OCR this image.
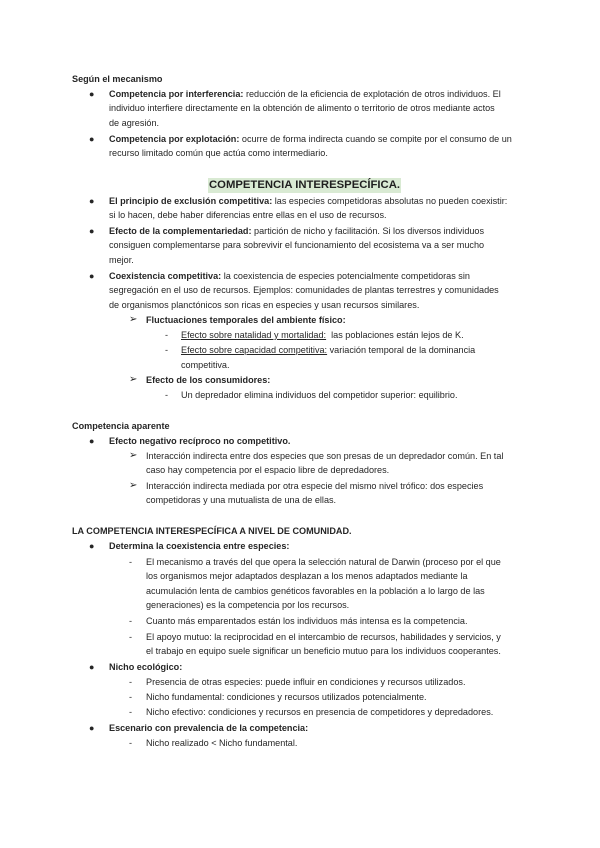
Según el mecanismo
● Competencia por interferencia: reducción de la eficiencia de explotación de otros individuos. El
individuo interfiere directamente en la obtención de alimento o territorio de otros mediante actos
de agresión.
● Competencia por explotación: ocurre de forma indirecta cuando se compite por el consumo de un
recurso limitado común que actúa como intermediario.
COMPETENCIA INTERESPECÍFICA.
● El principio de exclusión competitiva: las especies competidoras absolutas no pueden coexistir:
si lo hacen, debe haber diferencias entre ellas en el uso de recursos.
● Efecto de la complementariedad: partición de nicho y facilitación. Si los diversos individuos
consiguen complementarse para sobrevivir el funcionamiento del ecosistema va a ser mucho
mejor.
● Coexistencia competitiva: la coexistencia de especies potencialmente competidoras sin
segregación en el uso de recursos. Ejemplos: comunidades de plantas terrestres y comunidades
de organismos planctónicos son ricas en especies y usan recursos similares.
➢ Fluctuaciones temporales del ambiente físico:
- Efecto sobre natalidad y mortalidad: las poblaciones están lejos de K.
- Efecto sobre capacidad competitiva: variación temporal de la dominancia
competitiva.
➢ Efecto de los consumidores:
- Un depredador elimina individuos del competidor superior: equilibrio.
Competencia aparente
● Efecto negativo recíproco no competitivo.
➢ Interacción indirecta entre dos especies que son presas de un depredador común. En tal
caso hay competencia por el espacio libre de depredadores.
➢ Interacción indirecta mediada por otra especie del mismo nivel trófico: dos especies
competidoras y una mutualista de una de ellas.
LA COMPETENCIA INTERESPECÍFICA A NIVEL DE COMUNIDAD.
● Determina la coexistencia entre especies:
- El mecanismo a través del que opera la selección natural de Darwin (proceso por el que
los organismos mejor adaptados desplazan a los menos adaptados mediante la
acumulación lenta de cambios genéticos favorables en la población a lo largo de las
generaciones) es la competencia por los recursos.
- Cuanto más emparentados están los individuos más intensa es la competencia.
- El apoyo mutuo: la reciprocidad en el intercambio de recursos, habilidades y servicios, y
el trabajo en equipo suele significar un beneficio mutuo para los individuos cooperantes.
● Nicho ecológico:
- Presencia de otras especies: puede influir en condiciones y recursos utilizados.
- Nicho fundamental: condiciones y recursos utilizados potencialmente.
- Nicho efectivo: condiciones y recursos en presencia de competidores y depredadores.
● Escenario con prevalencia de la competencia:
- Nicho realizado < Nicho fundamental.
